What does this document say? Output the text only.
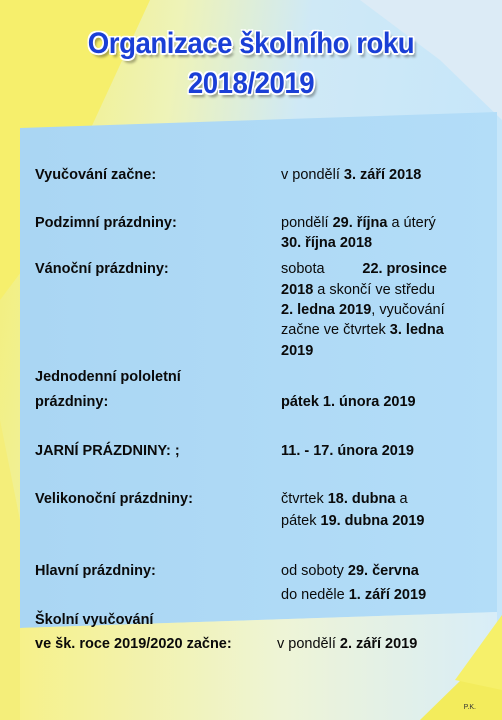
Organizace školního roku
2018/2019
Vyučování začne:	v pondělí 3. září 2018
Podzimní prázdniny:	pondělí 29. října a úterý
30. října 2018
Vánoční prázdniny:	sobota	22. prosince
2018 a skončí ve středu
2. ledna 2019, vyučování
začne ve čtvrtek 3. ledna
2019
Jednodenní pololetní
prázdniny:	pátek 1. února 2019
JARNÍ PRÁZDNINY: ;	11. - 17. února 2019
Velikonoční prázdniny:	čtvrtek 18. dubna a
pátek 19. dubna 2019
Hlavní prázdniny:	od soboty 29. června
do neděle 1. září 2019
Školní vyučování
ve šk. roce 2019/2020 začne:	v pondělí 2. září 2019
P.K.
